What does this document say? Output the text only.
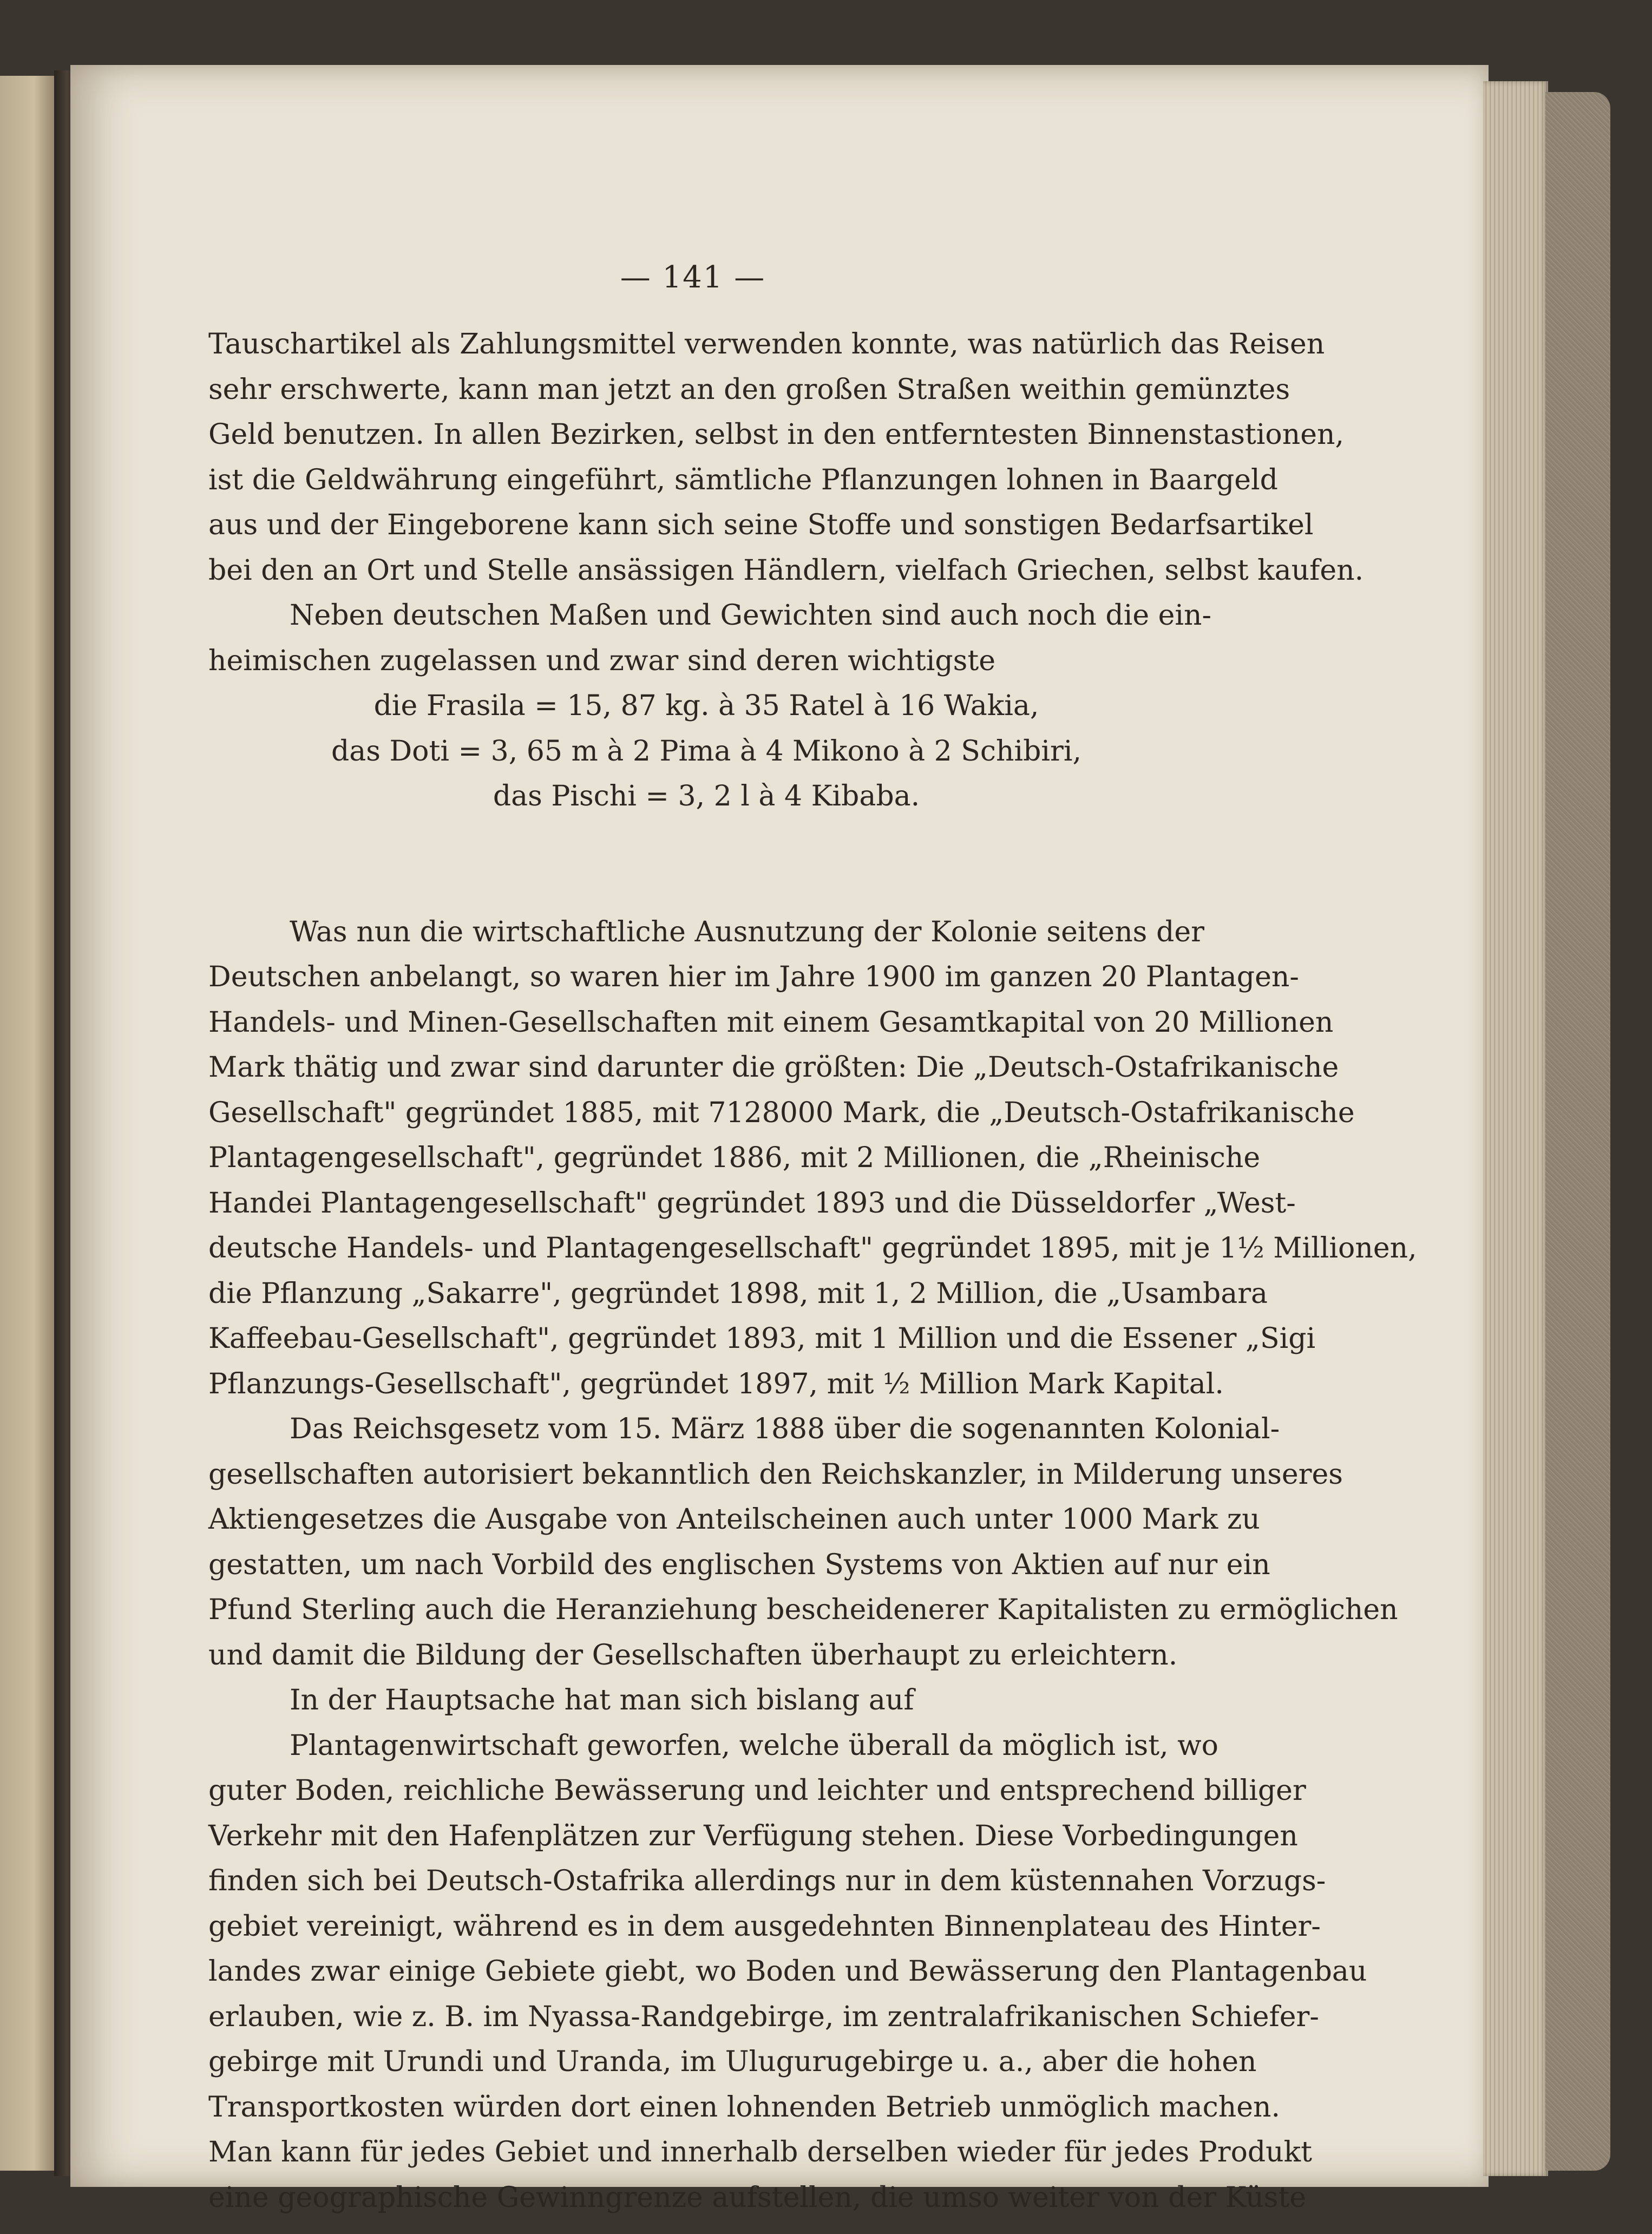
— 141 —
Tauschartikel als Zahlungsmittel verwenden konnte, was natürlich das Reisen
sehr erschwerte, kann man jetzt an den großen Straßen weithin gemünztes
Geld benutzen. In allen Bezirken, selbst in den entferntesten Binnenstastionen,
ist die Geldwährung eingeführt, sämtliche Pflanzungen lohnen in Baargeld
aus und der Eingeborene kann sich seine Stoffe und sonstigen Bedarfsartikel
bei den an Ort und Stelle ansässigen Händlern, vielfach Griechen, selbst kaufen.
Neben deutschen Maßen und Gewichten sind auch noch die ein-
heimischen zugelassen und zwar sind deren wichtigste
die Frasila = 15, 87 kg. à 35 Ratel à 16 Wakia,
das Doti = 3, 65 m à 2 Pima à 4 Mikono à 2 Schibiri,
das Pischi = 3, 2 l à 4 Kibaba.
Was nun die wirtschaftliche Ausnutzung der Kolonie seitens der
Deutschen anbelangt, so waren hier im Jahre 1900 im ganzen 20 Plantagen-
Handels- und Minen-Gesellschaften mit einem Gesamtkapital von 20 Millionen
Mark thätig und zwar sind darunter die größten: Die „Deutsch-Ostafrikanische
Gesellschaft" gegründet 1885, mit 7128000 Mark, die „Deutsch-Ostafrikanische
Plantagengesellschaft", gegründet 1886, mit 2 Millionen, die „Rheinische
Handei Plantagengesellschaft" gegründet 1893 und die Düsseldorfer „West-
deutsche Handels- und Plantagengesellschaft" gegründet 1895, mit je 1½ Millionen,
die Pflanzung „Sakarre", gegründet 1898, mit 1, 2 Million, die „Usambara
Kaffeebau-Gesellschaft", gegründet 1893, mit 1 Million und die Essener „Sigi
Pflanzungs-Gesellschaft", gegründet 1897, mit ½ Million Mark Kapital.
Das Reichsgesetz vom 15. März 1888 über die sogenannten Kolonial-
gesellschaften autorisiert bekanntlich den Reichskanzler, in Milderung unseres
Aktiengesetzes die Ausgabe von Anteilscheinen auch unter 1000 Mark zu
gestatten, um nach Vorbild des englischen Systems von Aktien auf nur ein
Pfund Sterling auch die Heranziehung bescheidenerer Kapitalisten zu ermöglichen
und damit die Bildung der Gesellschaften überhaupt zu erleichtern.
In der Hauptsache hat man sich bislang auf
Plantagenwirtschaft geworfen, welche überall da möglich ist, wo
guter Boden, reichliche Bewässerung und leichter und entsprechend billiger
Verkehr mit den Hafenplätzen zur Verfügung stehen. Diese Vorbedingungen
finden sich bei Deutsch-Ostafrika allerdings nur in dem küstennahen Vorzugs-
gebiet vereinigt, während es in dem ausgedehnten Binnenplateau des Hinter-
landes zwar einige Gebiete giebt, wo Boden und Bewässerung den Plantagenbau
erlauben, wie z. B. im Nyassa-Randgebirge, im zentralafrikanischen Schiefer-
gebirge mit Urundi und Uranda, im Ulugurugebirge u. a., aber die hohen
Transportkosten würden dort einen lohnenden Betrieb unmöglich machen.
Man kann für jedes Gebiet und innerhalb derselben wieder für jedes Produkt
eine geographische Gewinngrenze aufstellen, die umso weiter von der Küste
